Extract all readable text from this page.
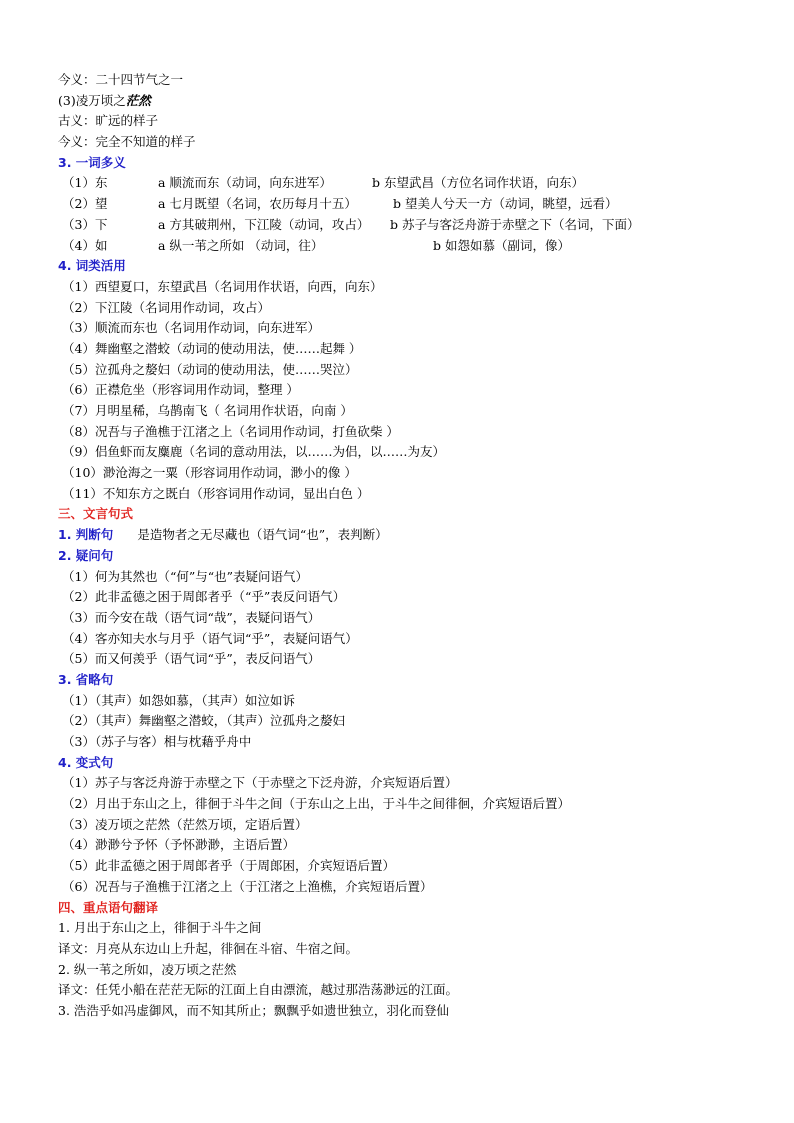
今义：二十四节气之一
(3)凌万顷之茫然
古义：旷远的样子
今义：完全不知道的样子
3. 一词多义
（1）东	a 顺流而东（动词，向东进军）	b 东望武昌（方位名词作状语，向东）
（2）望	a 七月既望（名词，农历每月十五）	b 望美人兮天一方（动词，眺望，远看）
（3）下	a 方其破荆州，下江陵（动词，攻占） b 苏子与客泛舟游于赤壁之下（名词，下面）
（4）如	a 纵一苇之所如 （动词，往）	b 如怨如慕（副词，像）
4. 词类活用
（1）西望夏口，东望武昌（名词用作状语，向西，向东）
（2）下江陵（名词用作动词，攻占）
（3）顺流而东也（名词用作动词，向东进军）
（4）舞幽壑之潜蛟（动词的使动用法，使……起舞 ）
（5）泣孤舟之嫠妇（动词的使动用法，使……哭泣）
（6）正襟危坐（形容词用作动词，整理 ）
（7）月明星稀，乌鹊南飞（ 名词用作状语，向南 ）
（8）况吾与子渔樵于江渚之上（名词用作动词，打鱼砍柴 ）
（9）侣鱼虾而友麋鹿（名词的意动用法，以……为侣，以……为友）
（10）渺沧海之一粟（形容词用作动词，渺小的像 ）
（11）不知东方之既白（形容词用作动词，显出白色 ）
三、文言句式
1. 判断句 是造物者之无尽藏也（语气词“也”，表判断）
2. 疑问句
（1）何为其然也（“何”与“也”表疑问语气）
（2）此非孟德之困于周郎者乎（“乎”表反问语气）
（3）而今安在哉（语气词“哉”，表疑问语气）
（4）客亦知夫水与月乎（语气词“乎”，表疑问语气）
（5）而又何羡乎（语气词“乎”，表反问语气）
3. 省略句
（1）（其声）如怨如慕，（其声）如泣如诉
（2）（其声）舞幽壑之潜蛟，（其声）泣孤舟之嫠妇
（3）（苏子与客）相与枕藉乎舟中
4. 变式句
（1）苏子与客泛舟游于赤壁之下（于赤壁之下泛舟游，介宾短语后置）
（2）月出于东山之上，徘徊于斗牛之间（于东山之上出，于斗牛之间徘徊，介宾短语后置）
（3）凌万顷之茫然（茫然万顷，定语后置）
（4）渺渺兮予怀（予怀渺渺，主语后置）
（5）此非孟德之困于周郎者乎（于周郎困，介宾短语后置）
（6）况吾与子渔樵于江渚之上（于江渚之上渔樵，介宾短语后置）
四、重点语句翻译
1. 月出于东山之上，徘徊于斗牛之间
译文：月亮从东边山上升起，徘徊在斗宿、牛宿之间。
2. 纵一苇之所如，凌万顷之茫然
译文：任凭小船在茫茫无际的江面上自由漂流，越过那浩荡渺远的江面。
3. 浩浩乎如冯虚御风，而不知其所止；飘飘乎如遗世独立，羽化而登仙
